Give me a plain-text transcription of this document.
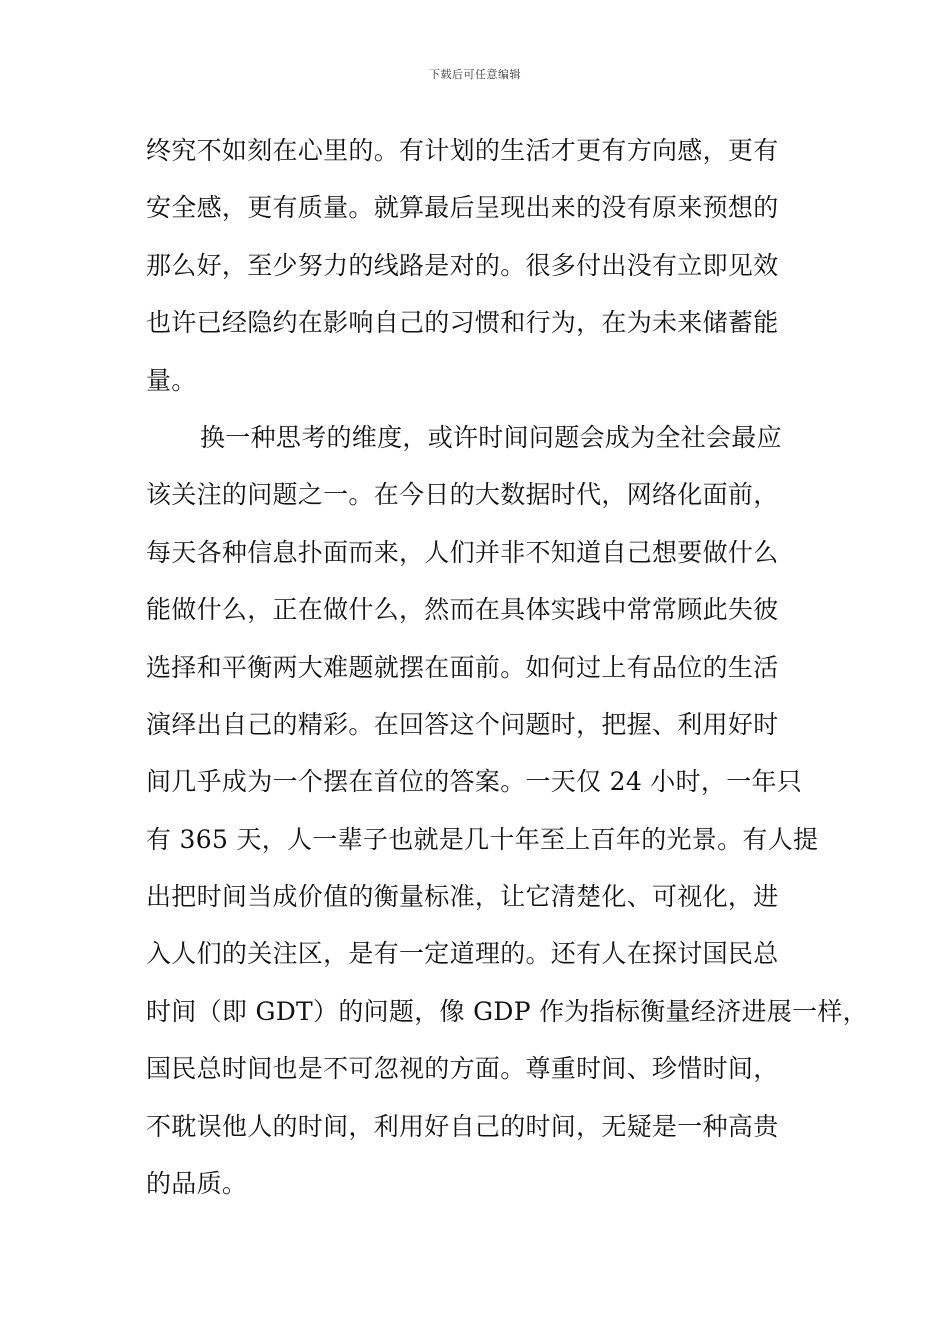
下载后可任意编辑
终究不如刻在心里的。有计划的生活才更有方向感，更有
安全感，更有质量。就算最后呈现出来的没有原来预想的
那么好，至少努力的线路是对的。很多付出没有立即见效
也许已经隐约在影响自己的习惯和行为，在为未来储蓄能
量。
换一种思考的维度，或许时间问题会成为全社会最应
该关注的问题之一。在今日的大数据时代，网络化面前，
每天各种信息扑面而来，人们并非不知道自己想要做什么
能做什么，正在做什么，然而在具体实践中常常顾此失彼
选择和平衡两大难题就摆在面前。如何过上有品位的生活
演绎出自己的精彩。在回答这个问题时，把握、利用好时
间几乎成为一个摆在首位的答案。一天仅 24 小时，一年只
有 365 天，人一辈子也就是几十年至上百年的光景。有人提
出把时间当成价值的衡量标准，让它清楚化、可视化，进
入人们的关注区，是有一定道理的。还有人在探讨国民总
时间（即 GDT）的问题，像 GDP 作为指标衡量经济进展一样，
国民总时间也是不可忽视的方面。尊重时间、珍惜时间，
不耽误他人的时间，利用好自己的时间，无疑是一种高贵
的品质。
